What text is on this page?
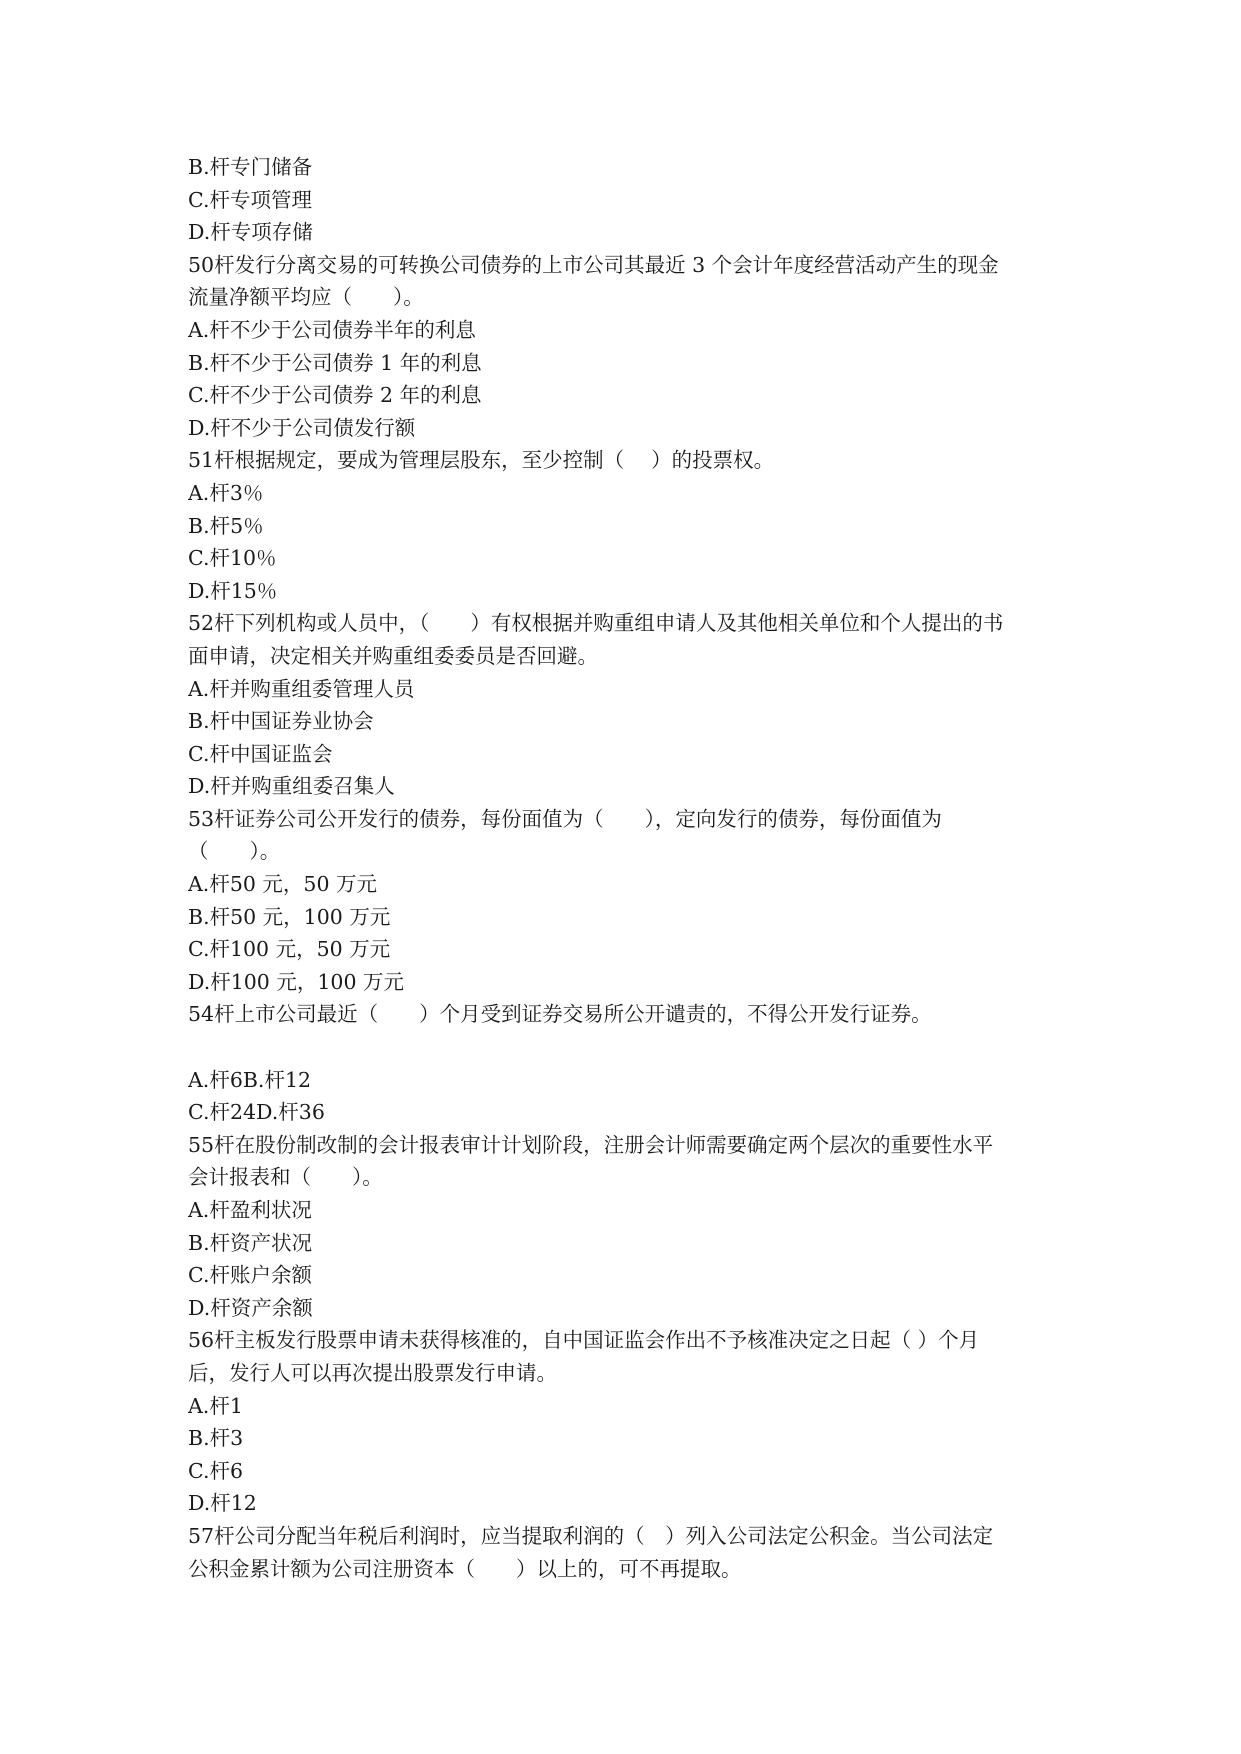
B.杆专门储备
C.杆专项管理
D.杆专项存储
50杆发行分离交易的可转换公司债券的上市公司其最近 3 个会计年度经营活动产生的现金
流量净额平均应（　　）。
A.杆不少于公司债券半年的利息
B.杆不少于公司债券 1 年的利息
C.杆不少于公司债券 2 年的利息
D.杆不少于公司债发行额
51杆根据规定，要成为管理层股东，至少控制（　 ）的投票权。
A.杆3％
B.杆5％
C.杆10％
D.杆15％
52杆下列机构或人员中，（　　）有权根据并购重组申请人及其他相关单位和个人提出的书
面申请，决定相关并购重组委委员是否回避。
A.杆并购重组委管理人员
B.杆中国证券业协会
C.杆中国证监会
D.杆并购重组委召集人
53杆证券公司公开发行的债券，每份面值为（　　），定向发行的债券，每份面值为
（　　）。
A.杆50 元，50 万元
B.杆50 元，100 万元
C.杆100 元，50 万元
D.杆100 元，100 万元
54杆上市公司最近（　　）个月受到证券交易所公开谴责的，不得公开发行证券。
A.杆6B.杆12
C.杆24D.杆36
55杆在股份制改制的会计报表审计计划阶段，注册会计师需要确定两个层次的重要性水平
会计报表和（　　）。
A.杆盈利状况
B.杆资产状况
C.杆账户余额
D.杆资产余额
56杆主板发行股票申请未获得核准的，自中国证监会作出不予核准决定之日起（ ）个月
后，发行人可以再次提出股票发行申请。
A.杆1
B.杆3
C.杆6
D.杆12
57杆公司分配当年税后利润时，应当提取利润的（　）列入公司法定公积金。当公司法定
公积金累计额为公司注册资本（　　）以上的，可不再提取。
